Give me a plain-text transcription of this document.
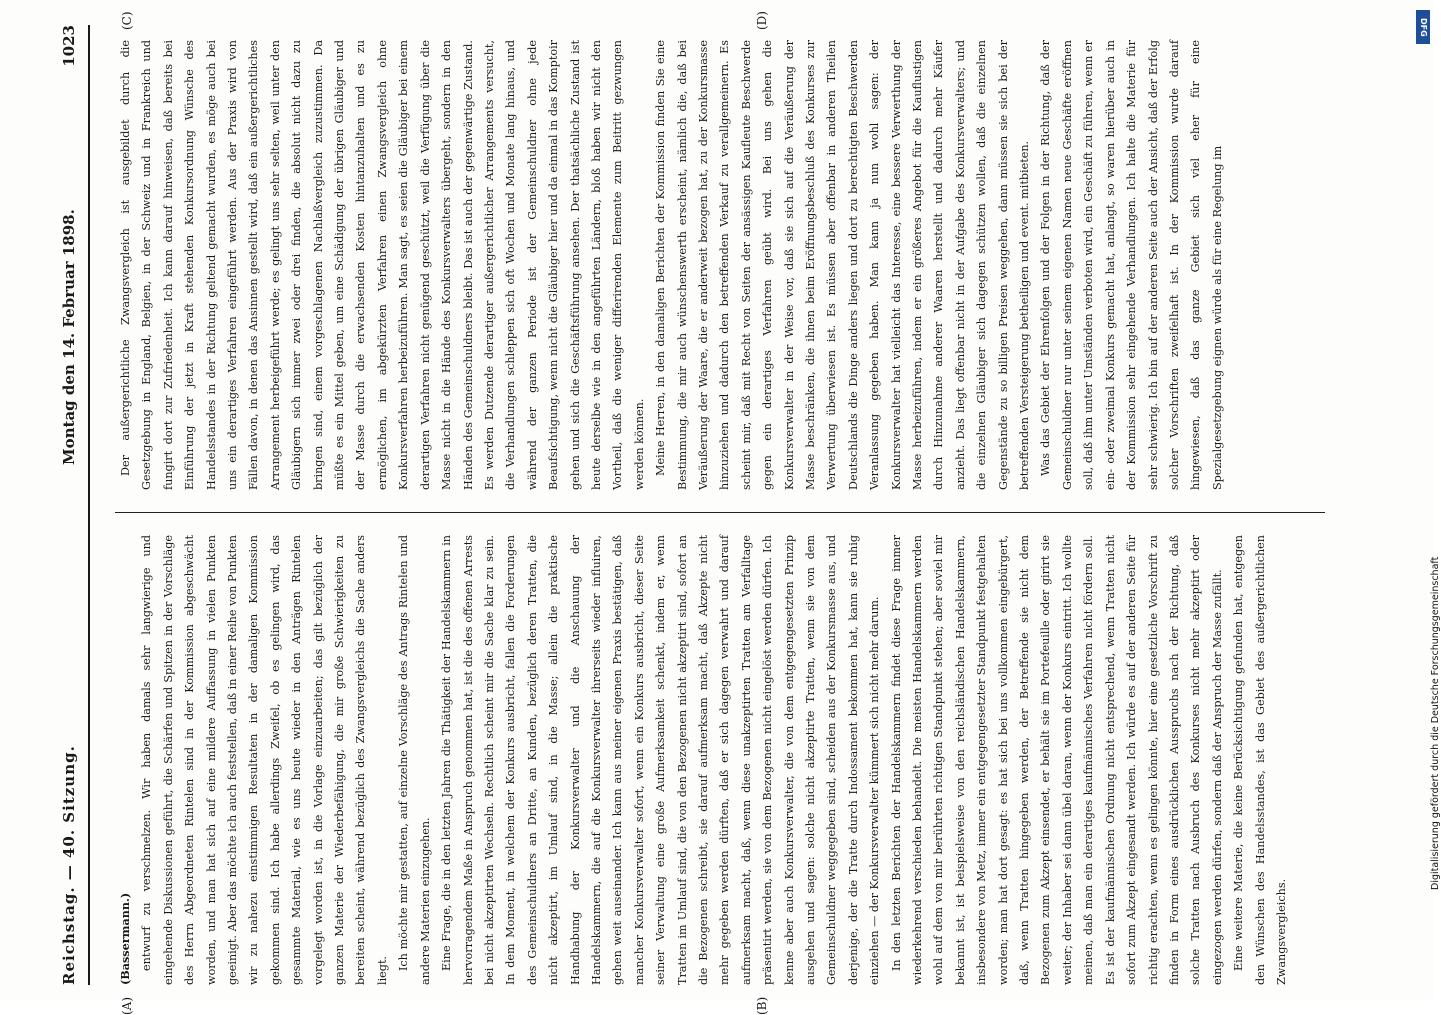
Reichstag. — 40. Sitzung.
Montag den 14. Februar 1898.
1023
(Bassermann.) entwurf zu verschmelzen. Wir haben damals sehr langwierige und eingehende Diskussionen geführt, die Schärfen und Spitzen in der Vorschläge des Herrn Abgeordneten Rintelen sind in der Kommission abgeschwächt worden, und man hat sich auf eine mildere Auffassung in vielen Punkten geeinigt. Aber das möchte ich auch feststellen, daß in einer Reihe von Punkten wir zu nahezu einstimmigen Resultaten in der damaligen Kommission gekommen sind. Ich habe allerdings Zweifel, ob es gelingen wird, das gesammte Material, wie es uns heute wieder in den Anträgen Rintelen vorgelegt worden ist, in die Vorlage einzuarbeiten; das gilt bezüglich der ganzen Materie der Wiederbefähigung, die mir große Schwierigkeiten zu bereiten scheint, während bezüglich des Zwangsvergleichs die Sache anders liegt. Ich möchte mir gestatten, auf einzelne Vorschläge des Antrags Rintelen und andere Materien einzugehen. Eine Frage, die in den letzten Jahren die Thätigkeit der Handelskammern in hervorragendem Maße in Anspruch genommen hat, ist die des offenen Arrests bei nicht akzeptirten Wechseln. Rechtlich scheint mir die Sache klar zu sein. In dem Moment, in welchem der Konkurs ausbricht, fallen die Forderungen des Gemeinschuldners an Dritte, an Kunden, bezüglich deren Tratten, die nicht akzeptirt, im Umlauf sind, in die Masse; allein die praktische Handhabung der Konkursverwalter und die Anschauung der Handelskammern, die auf die Konkursverwalter ihrerseits wieder influiren, gehen weit auseinander. Ich kann aus meiner eigenen Praxis bestätigen, daß mancher Konkursverwalter sofort, wenn ein Konkurs ausbricht, dieser Seite seiner Verwaltung eine große Aufmerksamkeit schenkt, indem er, wenn Tratten im Umlauf sind, die von den Bezogenen nicht akzeptirt sind, sofort an die Bezogenen schreibt, sie darauf aufmerksam macht, daß Akzepte nicht mehr gegeben werden dürften, daß er sich dagegen verwahrt und darauf aufmerksam macht, daß, wenn diese unakzeptirten Tratten am Verfalltage präsentirt werden, sie von dem Bezogenen nicht eingelöst werden dürfen. Ich kenne aber auch Konkursverwalter, die von dem entgegengesetzten Prinzip ausgehen und sagen: solche nicht akzeptirte Tratten, wenn sie von dem Gemeinschuldner weggegeben sind, scheiden aus der Konkursmasse aus, und derjenige, der die Tratte durch Indossament bekommen hat, kann sie ruhig einziehen — der Konkursverwalter kümmert sich nicht mehr darum. In den letzten Berichten der Handelskammern findet diese Frage immer wiederkehrend verschieden behandelt. Die meisten Handelskammern werden wohl auf dem von mir berührten richtigen Standpunkt stehen; aber soviel mir bekannt ist, ist beispielsweise von den reichsländischen Handelskammern, insbesondere von Metz, immer ein entgegengesetzter Standpunkt festgehalten worden; man hat dort gesagt: es hat sich bei uns vollkommen eingebürgert, daß, wenn Tratten hingegeben werden, der Betreffende sie nicht dem Bezogenen zum Akzept einsendet, er behält sie im Portefeuille oder girirt sie weiter; der Inhaber sei dann übel daran, wenn der Konkurs eintritt. Ich wollte meinen, daß man ein derartiges kaufmännisches Verfahren nicht fördern soll. Es ist der kaufmännischen Ordnung nicht entsprechend, wenn Tratten nicht sofort zum Akzept eingesandt werden. Ich würde es auf der anderen Seite für richtig erachten, wenn es gelingen könnte, hier eine gesetzliche Vorschrift zu finden in Form eines ausdrücklichen Ausspruchs nach der Richtung, daß solche Tratten nach Ausbruch des Konkurses nicht mehr akzeptirt oder eingezogen werden dürfen, sondern daß der Anspruch der Masse zufällt. Eine weitere Materie, die keine Berücksichtigung gefunden hat, entgegen den Wünschen des Handelsstandes, ist das Gebiet des außergerichtlichen Zwangsvergleichs.

Der außergerichtliche Zwangsvergleich ist ausgebildet durch die Gesetzgebung in England, Belgien, in der Schweiz und in Frankreich und fungirt dort zur Zufriedenheit. Ich kann darauf hinweisen, daß bereits bei Einführung der jetzt in Kraft stehenden Konkursordnung Wünsche des Handelsstandes in der Richtung geltend gemacht wurden, es möge auch bei uns ein derartiges Verfahren eingeführt werden. Aus der Praxis wird von Fällen davon, in denen das Ansinnen gestellt wird, daß ein außergerichtliches Arrangement herbeigeführt werde; es gelingt uns sehr selten, weil unter den Gläubigern sich immer zwei oder drei finden, die absolut nicht dazu zu bringen sind, einem vorgeschlagenen Nachlaßvergleich zuzustimmen. Da müßte es ein Mittel geben, um eine Schädigung der übrigen Gläubiger und der Masse durch die erwachsenden Kosten hintanzuhalten und es zu ermöglichen, im abgekürzten Verfahren einen Zwangsvergleich ohne Konkursverfahren herbeizuführen. Man sagt, es seien die Gläubiger bei einem derartigen Verfahren nicht genügend geschützt, weil die Verfügung über die Masse nicht in die Hände des Konkursverwalters übergeht, sondern in den Händen des Gemeinschuldners bleibt. Das ist auch der gegenwärtige Zustand. Es werden Dutzende derartiger außergerichtlicher Arrangements versucht, die Verhandlungen schleppen sich oft Wochen und Monate lang hinaus, und während der ganzen Periode ist der Gemeinschuldner ohne jede Beaufsichtigung, wenn nicht die Gläubiger hier und da einmal in das Komptoir gehen und sich die Geschäftsführung ansehen. Der thatsächliche Zustand ist heute derselbe wie in den angeführten Ländern, bloß haben wir nicht den Vortheil, daß die weniger differirenden Elemente zum Beitritt gezwungen werden können. Meine Herren, in den damaligen Berichten der Kommission finden Sie eine Bestimmung, die mir auch wünschenswerth erscheint, nämlich die, daß bei Veräußerung der Waare, die er anderweit bezogen hat, zu der Konkursmasse hinzuziehen und dadurch den betreffenden Verkauf zu verallgemeinern. Es scheint mir, daß mit Recht von Seiten der ansässigen Kaufleute Beschwerde gegen ein derartiges Verfahren geübt wird. Bei uns gehen die Konkursverwalter in der Weise vor, daß sie sich auf die Veräußerung der Masse beschränken, die ihnen beim Eröffnungsbeschluß des Konkurses zur Verwertung überwiesen ist. Es müssen aber offenbar in anderen Theilen Deutschlands die Dinge anders liegen und dort zu berechtigten Beschwerden Veranlassung gegeben haben. Man kann ja nun wohl sagen: der Konkursverwalter hat vielleicht das Interesse, eine bessere Verwerthung der Masse herbeizuführen, indem er ein größeres Angebot für die Kauflustigen durch Hinzunahme anderer Waaren herstellt und dadurch mehr Käufer anzieht. Das liegt offenbar nicht in der Aufgabe des Konkursverwalters; und die einzelnen Gläubiger sich dagegen schützen wollen, daß die einzelnen Gegenstände zu so billigen Preisen weggehen, dann müssen sie sich bei der betreffenden Versteigerung betheiligen und event. mitbieten. Was das Gebiet der Ehrenfolgen und der Folgen in der Richtung, daß der Gemeinschuldner nur unter seinem eigenen Namen neue Geschäfte eröffnen soll, daß ihm unter Umständen verboten wird, ein Geschäft zu führen, wenn er ein- oder zweimal Konkurs gemacht hat, anlangt, so waren hierüber auch in der Kommission sehr eingehende Verhandlungen. Ich halte die Materie für sehr schwierig. Ich bin auf der anderen Seite auch der Ansicht, daß der Erfolg solcher Vorschriften zweifelhaft ist. In der Kommission wurde darauf hingewiesen, daß das ganze Gebiet sich viel eher für eine Spezialgesetzgebung eignen würde als für eine Regelung im

(A)	(B)
(C)	(D)	DFG
Digitalisierung gefördert durch die Deutsche Forschungsgemeinschaft
